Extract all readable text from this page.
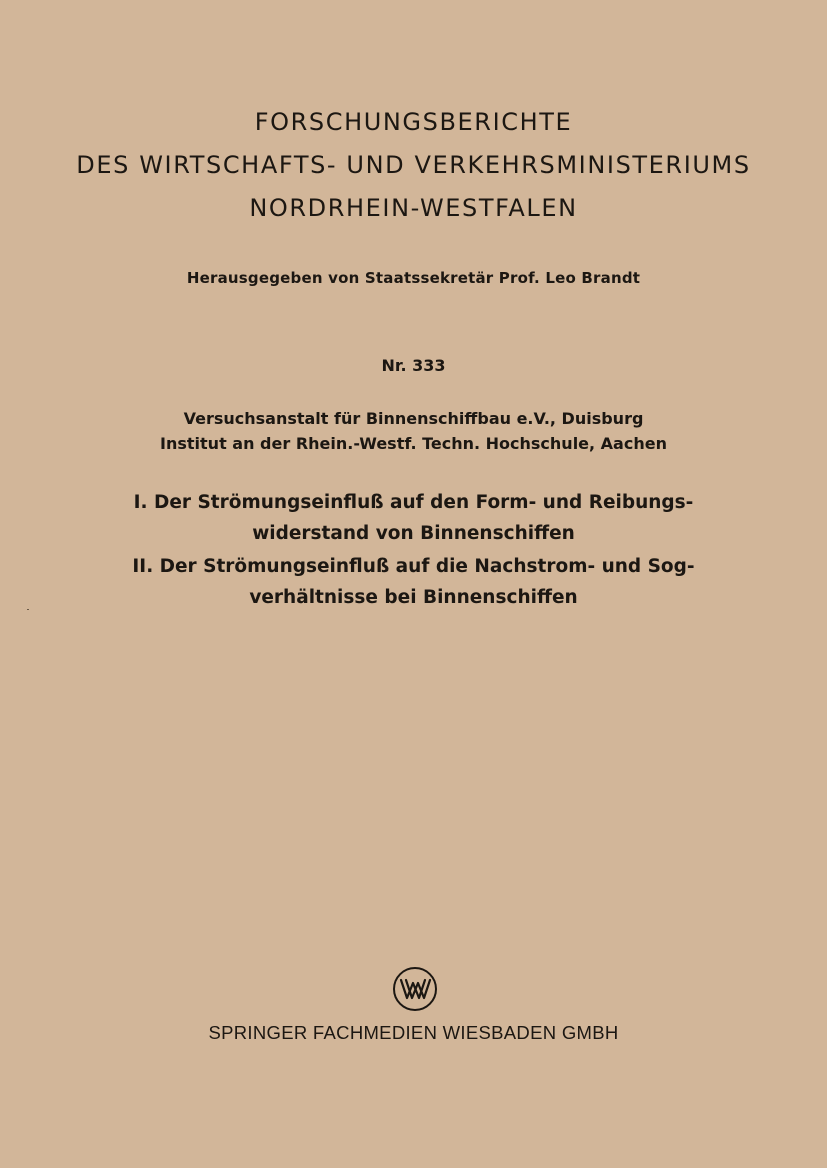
FORSCHUNGSBERICHTE
DES WIRTSCHAFTS- UND VERKEHRSMINISTERIUMS
NORDRHEIN-WESTFALEN
Herausgegeben von Staatssekretär Prof. Leo Brandt
Nr. 333
Versuchsanstalt für Binnenschiffbau e.V., Duisburg
Institut an der Rhein.-Westf. Techn. Hochschule, Aachen
I. Der Strömungseinfluß auf den Form- und Reibungs-
widerstand von Binnenschiffen
II. Der Strömungseinfluß auf die Nachstrom- und Sog-
verhältnisse bei Binnenschiffen
SPRINGER FACHMEDIEN WIESBADEN GMBH
